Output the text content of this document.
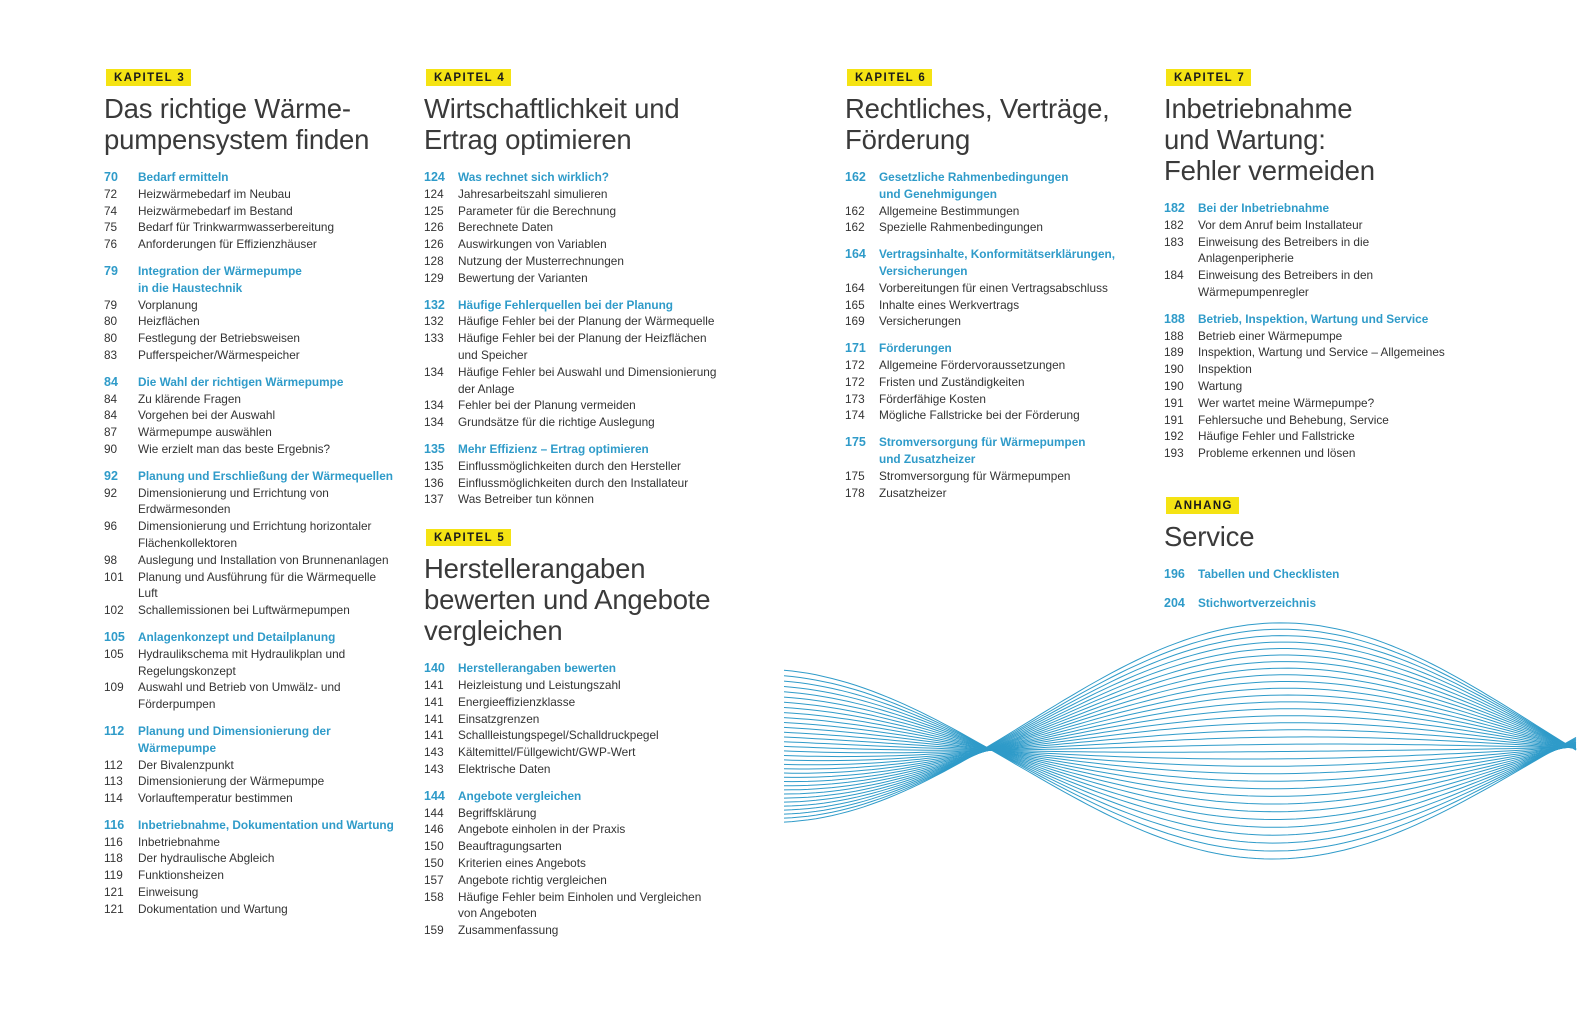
KAPITEL 3
Das richtige Wärme-
pumpensystem finden
70	Bedarf ermitteln
72	Heizwärmebedarf im Neubau
74	Heizwärmebedarf im Bestand
75	Bedarf für Trinkwarmwasserbereitung
76	Anforderungen für Effizienzhäuser
79	Integration der Wärmepumpe
in die Haustechnik
79	Vorplanung
80	Heizflächen
80	Festlegung der Betriebsweisen
83	Pufferspeicher/Wärmespeicher
84	Die Wahl der richtigen Wärmepumpe
84	Zu klärende Fragen
84	Vorgehen bei der Auswahl
87	Wärmepumpe auswählen
90	Wie erzielt man das beste Ergebnis?
92	Planung und Erschließung der Wärmequellen
92	Dimensionierung und Errichtung von
Erdwärmesonden
96	Dimensionierung und Errichtung horizontaler
Flächenkollektoren
98	Auslegung und Installation von Brunnenanlagen
101	Planung und Ausführung für die Wärmequelle
Luft
102	Schallemissionen bei Luftwärmepumpen
105	Anlagenkonzept und Detailplanung
105	Hydraulikschema mit Hydraulikplan und
Regelungskonzept
109	Auswahl und Betrieb von Umwälz- und
Förderpumpen
112	Planung und Dimensionierung der
Wärmepumpe
112	Der Bivalenzpunkt
113	Dimensionierung der Wärmepumpe
114	Vorlauftemperatur bestimmen
116	Inbetriebnahme, Dokumentation und Wartung
116	Inbetriebnahme
118	Der hydraulische Abgleich
119	Funktionsheizen
121	Einweisung
121	Dokumentation und Wartung
KAPITEL 4
Wirtschaftlichkeit und
Ertrag optimieren
124	Was rechnet sich wirklich?
124	Jahresarbeitszahl simulieren
125	Parameter für die Berechnung
126	Berechnete Daten
126	Auswirkungen von Variablen
128	Nutzung der Musterrechnungen
129	Bewertung der Varianten
132	Häufige Fehlerquellen bei der Planung
132	Häufige Fehler bei der Planung der Wärmequelle
133	Häufige Fehler bei der Planung der Heizflächen
und Speicher
134	Häufige Fehler bei Auswahl und Dimensionierung
der Anlage
134	Fehler bei der Planung vermeiden
134	Grundsätze für die richtige Auslegung
135	Mehr Effizienz – Ertrag optimieren
135	Einflussmöglichkeiten durch den Hersteller
136	Einflussmöglichkeiten durch den Installateur
137	Was Betreiber tun können
KAPITEL 5
Herstellerangaben
bewerten und Angebote
vergleichen
140	Herstellerangaben bewerten
141	Heizleistung und Leistungszahl
141	Energieeffizienzklasse
141	Einsatzgrenzen
141	Schallleistungspegel/Schalldruckpegel
143	Kältemittel/Füllgewicht/GWP-Wert
143	Elektrische Daten
144	Angebote vergleichen
144	Begriffsklärung
146	Angebote einholen in der Praxis
150	Beauftragungsarten
150	Kriterien eines Angebots
157	Angebote richtig vergleichen
158	Häufige Fehler beim Einholen und Vergleichen
von Angeboten
159	Zusammenfassung
KAPITEL 6
Rechtliches, Verträge,
Förderung
162	Gesetzliche Rahmenbedingungen
und Genehmigungen
162	Allgemeine Bestimmungen
162	Spezielle Rahmenbedingungen
164	Vertragsinhalte, Konformitätserklärungen,
Versicherungen
164	Vorbereitungen für einen Vertragsabschluss
165	Inhalte eines Werkvertrags
169	Versicherungen
171	Förderungen
172	Allgemeine Fördervoraussetzungen
172	Fristen und Zuständigkeiten
173	Förderfähige Kosten
174	Mögliche Fallstricke bei der Förderung
175	Stromversorgung für Wärmepumpen
und Zusatzheizer
175	Stromversorgung für Wärmepumpen
178	Zusatzheizer
KAPITEL 7
Inbetriebnahme
und Wartung:
Fehler vermeiden
182	Bei der Inbetriebnahme
182	Vor dem Anruf beim Installateur
183	Einweisung des Betreibers in die
Anlagenperipherie
184	Einweisung des Betreibers in den
Wärmepumpenregler
188	Betrieb, Inspektion, Wartung und Service
188	Betrieb einer Wärmepumpe
189	Inspektion, Wartung und Service – Allgemeines
190	Inspektion
190	Wartung
191	Wer wartet meine Wärmepumpe?
191	Fehlersuche und Behebung, Service
192	Häufige Fehler und Fallstricke
193	Probleme erkennen und lösen
ANHANG
Service
196	Tabellen und Checklisten
204	Stichwortverzeichnis
